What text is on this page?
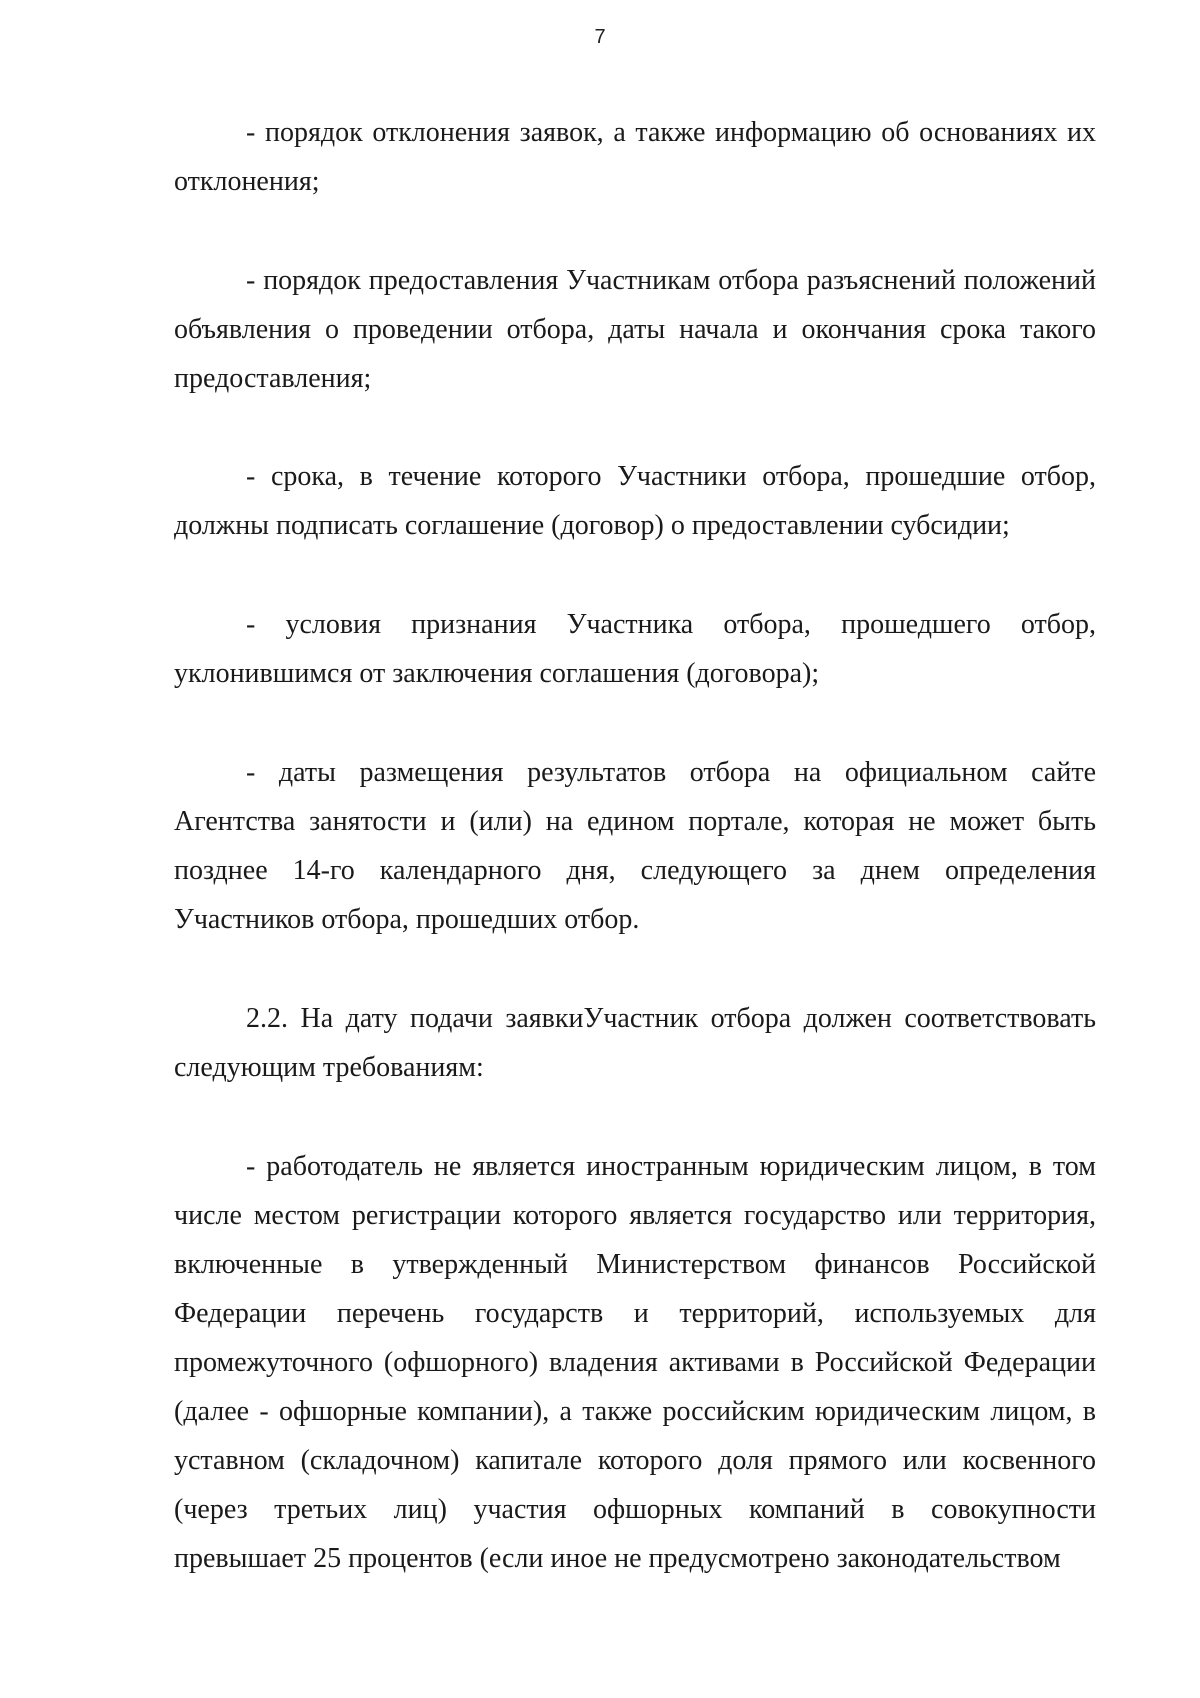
7

- порядок отклонения заявок, а также информацию об основаниях их отклонения;

- порядок предоставления Участникам отбора разъяснений положений объявления о проведении отбора, даты начала и окончания срока такого предоставления;

- срока, в течение которого Участники отбора, прошедшие отбор, должны подписать соглашение (договор) о предоставлении субсидии;

- условия признания Участника отбора, прошедшего отбор, уклонившимся от заключения соглашения (договора);

- даты размещения результатов отбора на официальном сайте Агентства занятости и (или) на едином портале, которая не может быть позднее 14-го календарного дня, следующего за днем определения Участников отбора, прошедших отбор.

2.2. На дату подачи заявкиУчастник отбора должен соответствовать следующим требованиям:

- работодатель не является иностранным юридическим лицом, в том числе местом регистрации которого является государство или территория, включенные в утвержденный Министерством финансов Российской Федерации перечень государств и территорий, используемых для промежуточного (офшорного) владения активами в Российской Федерации (далее - офшорные компании), а также российским юридическим лицом, в уставном (складочном) капитале которого доля прямого или косвенного (через третьих лиц) участия офшорных компаний в совокупности превышает 25 процентов (если иное не предусмотрено законодательством
